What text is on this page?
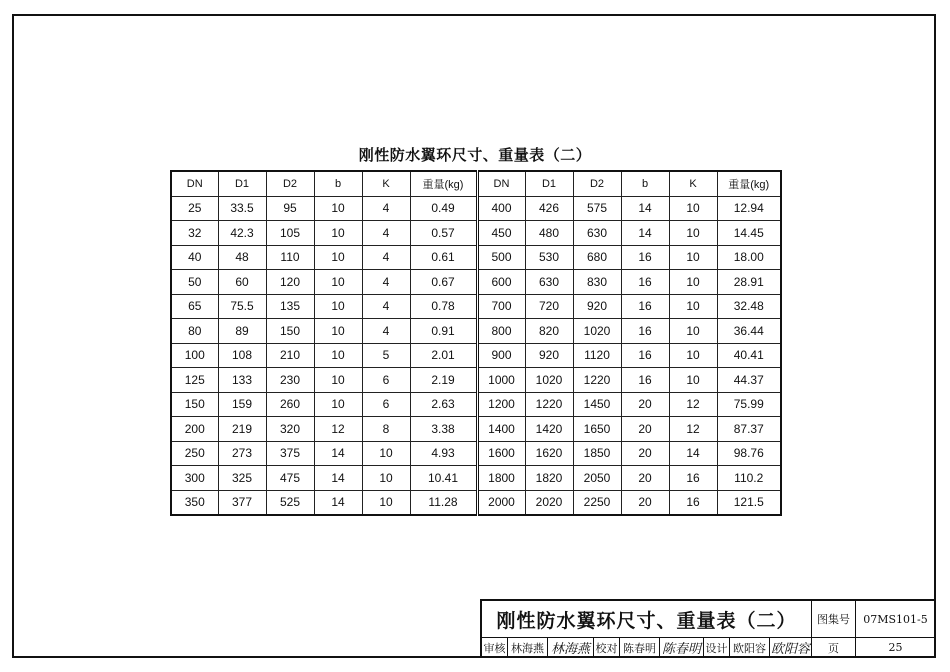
刚性防水翼环尺寸、重量表（二）
DN	D1	D2	b	K	重量(kg)	DN	D1	D2	b	K	重量(kg)
25	33.5	95	10	4	0.49	400	426	575	14	10	12.94
32	42.3	105	10	4	0.57	450	480	630	14	10	14.45
40	48	110	10	4	0.61	500	530	680	16	10	18.00
50	60	120	10	4	0.67	600	630	830	16	10	28.91
65	75.5	135	10	4	0.78	700	720	920	16	10	32.48
80	89	150	10	4	0.91	800	820	1020	16	10	36.44
100	108	210	10	5	2.01	900	920	1120	16	10	40.41
125	133	230	10	6	2.19	1000	1020	1220	16	10	44.37
150	159	260	10	6	2.63	1200	1220	1450	20	12	75.99
200	219	320	12	8	3.38	1400	1420	1650	20	12	87.37
250	273	375	14	10	4.93	1600	1620	1850	20	14	98.76
300	325	475	14	10	10.41	1800	1820	2050	20	16	110.2
350	377	525	14	10	11.28	2000	2020	2250	20	16	121.5
刚性防水翼环尺寸、重量表（二）	图集号	07MS101-5
页	25
审核 林海燕 林海燕 校对 陈春明 陈春明 设计 欧阳容 欧阳容
